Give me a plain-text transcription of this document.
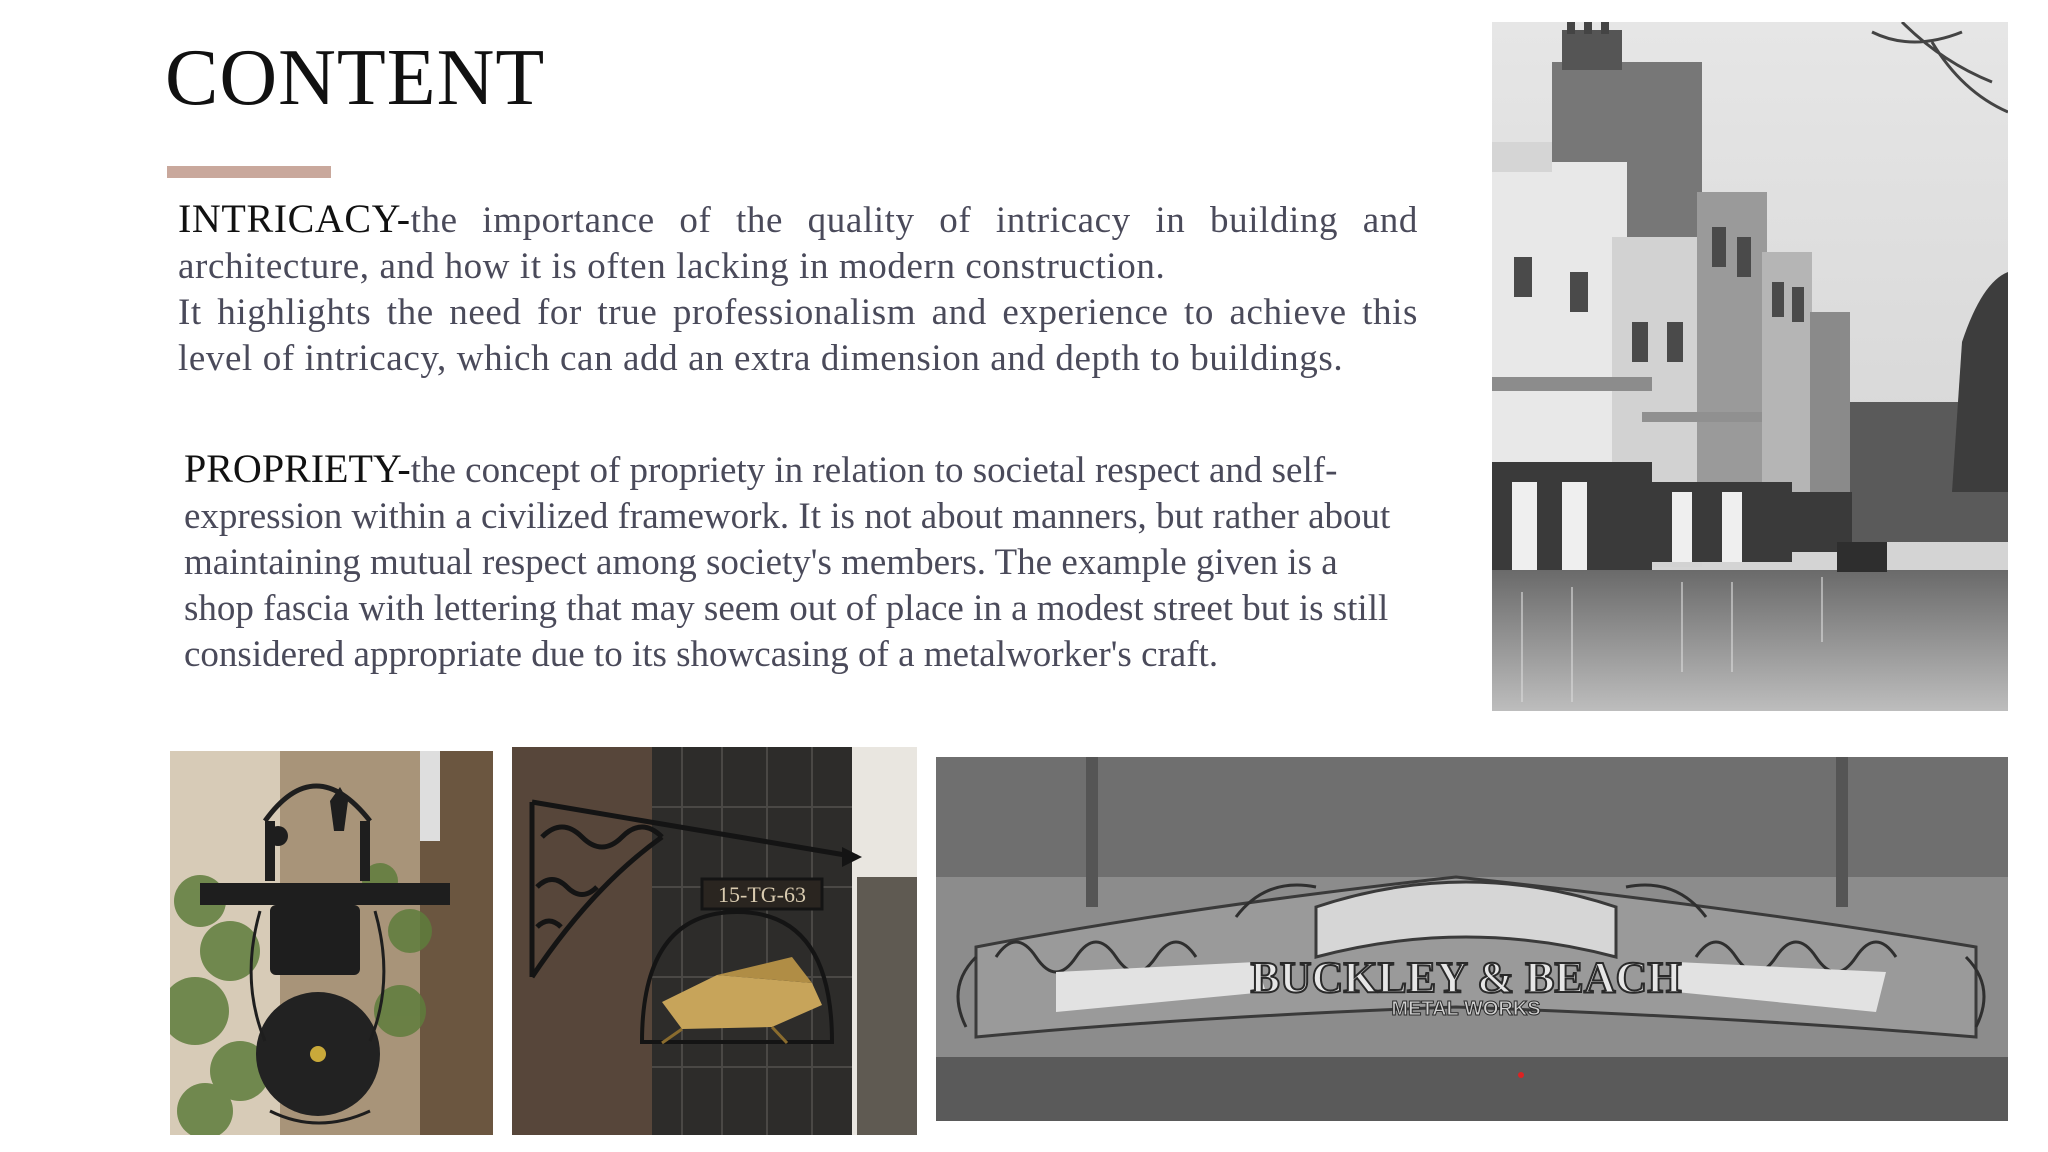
CONTENT

INTRICACY-the importance of the quality of intricacy in building and architecture, and how it is often lacking in modern construction.
It highlights the need for true professionalism and experience to achieve this level of intricacy, which can add an extra dimension and depth to buildings.

PROPRIETY-the concept of propriety in relation to societal respect and self-expression within a civilized framework. It is not about manners, but rather about maintaining mutual respect among society's members. The example given is a shop fascia with lettering that may seem out of place in a modest street but is still considered appropriate due to its showcasing of a metalworker's craft.

15-TG-63
BUCKLEY & BEACH
METAL WORKS
